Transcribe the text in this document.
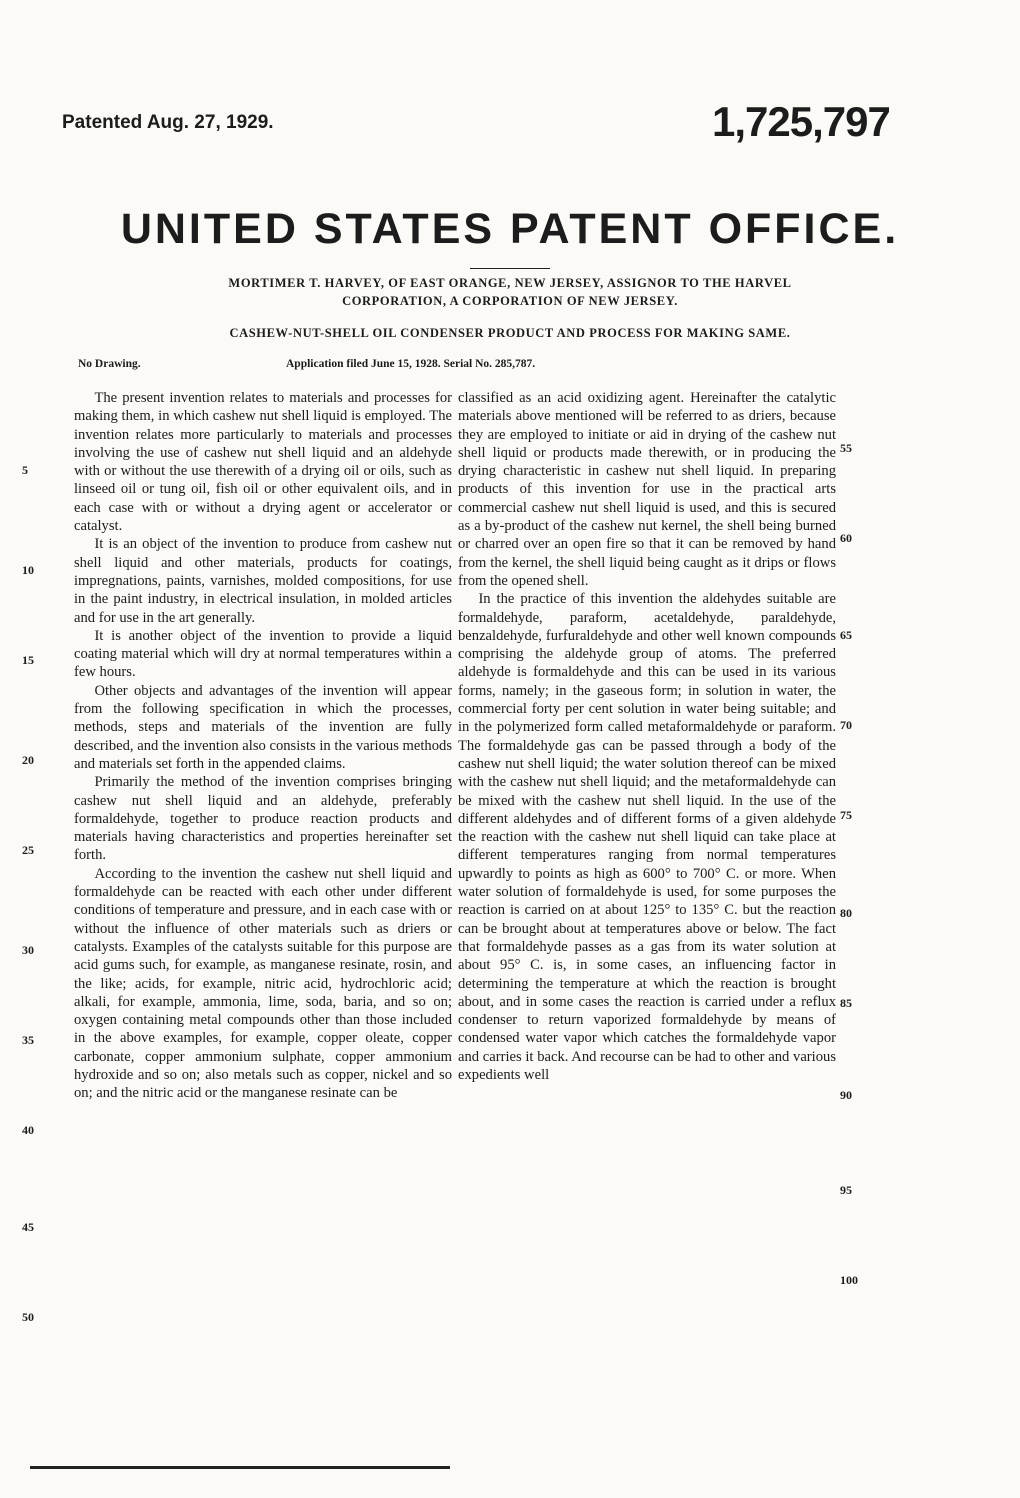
Patented Aug. 27, 1929.	1,725,797
UNITED STATES PATENT OFFICE.
MORTIMER T. HARVEY, OF EAST ORANGE, NEW JERSEY, ASSIGNOR TO THE HARVEL
CORPORATION, A CORPORATION OF NEW JERSEY.
CASHEW-NUT-SHELL OIL CONDENSER PRODUCT AND PROCESS FOR MAKING SAME.
No Drawing.	Application filed June 15, 1928. Serial No. 285,787.

The present invention relates to materials and processes for making them, in which cashew nut shell liquid is employed. The invention relates more particularly to materials and processes involving the use of cashew nut shell liquid and an aldehyde with or without the use therewith of a drying oil or oils, such as linseed oil or tung oil, fish oil or other equivalent oils, and in each case with or without a drying agent or accelerator or catalyst.

It is an object of the invention to produce from cashew nut shell liquid and other materials, products for coatings, impregnations, paints, varnishes, molded compositions, for use in the paint industry, in electrical insulation, in molded articles and for use in the art generally.

It is another object of the invention to provide a liquid coating material which will dry at normal temperatures within a few hours.

Other objects and advantages of the invention will appear from the following specification in which the processes, methods, steps and materials of the invention are fully described, and the invention also consists in the various methods and materials set forth in the appended claims.

Primarily the method of the invention comprises bringing cashew nut shell liquid and an aldehyde, preferably formaldehyde, together to produce reaction products and materials having characteristics and properties hereinafter set forth.

According to the invention the cashew nut shell liquid and formaldehyde can be reacted with each other under different conditions of temperature and pressure, and in each case with or without the influence of other materials such as driers or catalysts. Examples of the catalysts suitable for this purpose are acid gums such, for example, as manganese resinate, rosin, and the like; acids, for example, nitric acid, hydrochloric acid; alkali, for example, ammonia, lime, soda, baria, and so on; oxygen containing metal compounds other than those included in the above examples, for example, copper oleate, copper carbonate, copper ammonium sulphate, copper ammonium hydroxide and so on; also metals such as copper, nickel and so on; and the nitric acid or the manganese resinate can be

classified as an acid oxidizing agent. Hereinafter the catalytic materials above mentioned will be referred to as driers, because they are employed to initiate or aid in drying of the cashew nut shell liquid or products made therewith, or in producing the drying characteristic in cashew nut shell liquid. In preparing products of this invention for use in the practical arts commercial cashew nut shell liquid is used, and this is secured as a by-product of the cashew nut kernel, the shell being burned or charred over an open fire so that it can be removed by hand from the kernel, the shell liquid being caught as it drips or flows from the opened shell.

In the practice of this invention the aldehydes suitable are formaldehyde, paraform, acetaldehyde, paraldehyde, benzaldehyde, furfuraldehyde and other well known compounds comprising the aldehyde group of atoms. The preferred aldehyde is formaldehyde and this can be used in its various forms, namely; in the gaseous form; in solution in water, the commercial forty per cent solution in water being suitable; and in the polymerized form called metaformaldehyde or paraform. The formaldehyde gas can be passed through a body of the cashew nut shell liquid; the water solution thereof can be mixed with the cashew nut shell liquid; and the metaformaldehyde can be mixed with the cashew nut shell liquid. In the use of the different aldehydes and of different forms of a given aldehyde the reaction with the cashew nut shell liquid can take place at different temperatures ranging from normal temperatures upwardly to points as high as 600° to 700° C. or more. When water solution of formaldehyde is used, for some purposes the reaction is carried on at about 125° to 135° C. but the reaction can be brought about at temperatures above or below. The fact that formaldehyde passes as a gas from its water solution at about 95° C. is, in some cases, an influencing factor in determining the temperature at which the reaction is brought about, and in some cases the reaction is carried under a reflux condenser to return vaporized formaldehyde by means of condensed water vapor which catches the formaldehyde vapor and carries it back. And recourse can be had to other and various expedients well

5
10
15
20
25
30
35
40
45
50
55
60
65
70
75
80
85
90
95
100
